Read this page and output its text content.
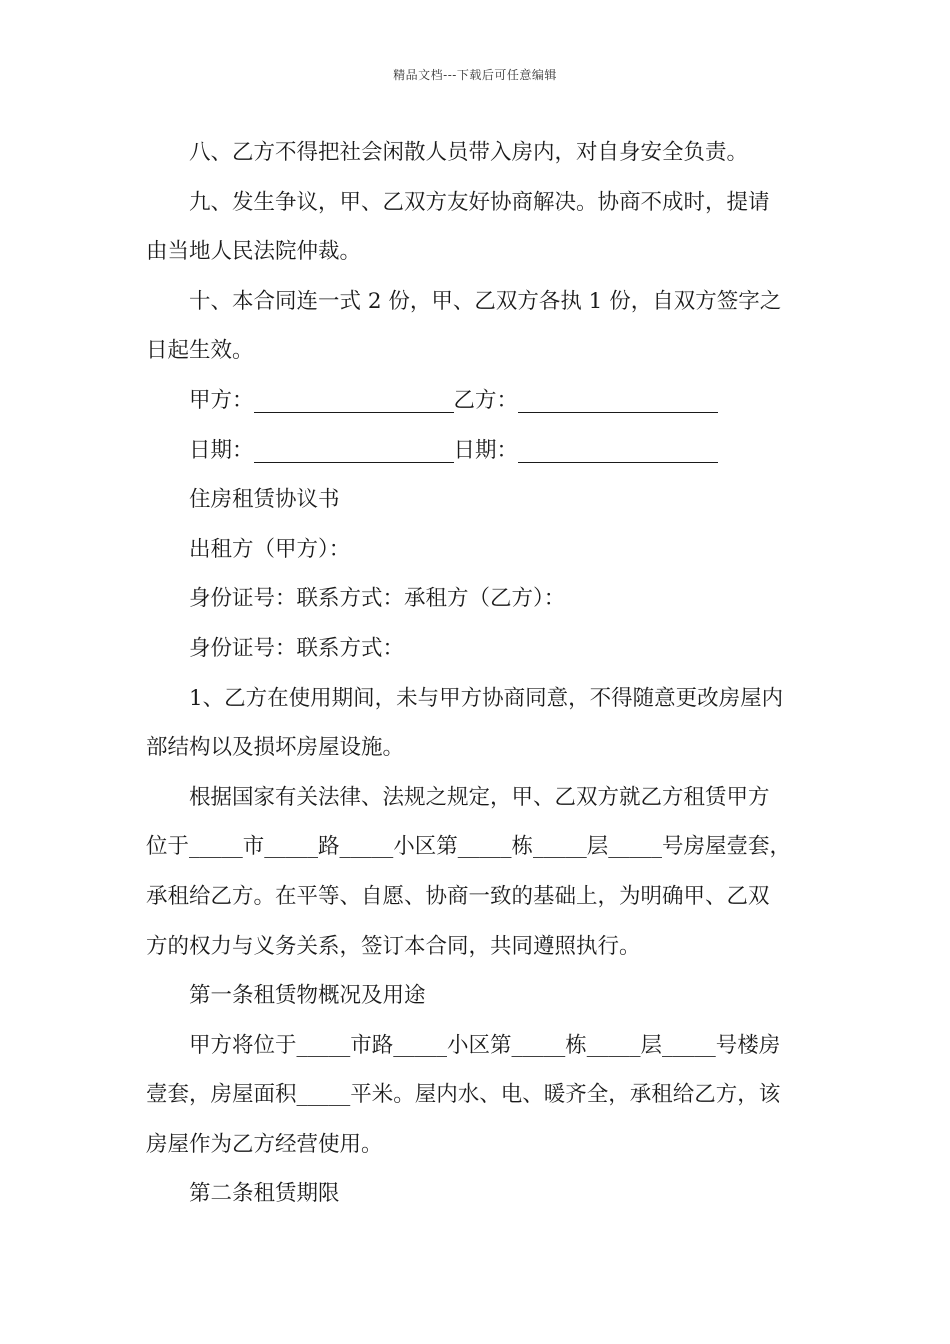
精品文档---下载后可任意编辑

八、乙方不得把社会闲散人员带入房内，对自身安全负责。

九、发生争议，甲、乙双方友好协商解决。协商不成时，提请

由当地人民法院仲裁。

十、本合同连一式 2 份，甲、乙双方各执 1 份，自双方签字之

日起生效。

甲方：	乙方：

日期：	日期：

住房租赁协议书

出租方（甲方）：

身份证号：联系方式：承租方（乙方）：

身份证号：联系方式：

1、乙方在使用期间，未与甲方协商同意，不得随意更改房屋内

部结构以及损坏房屋设施。

根据国家有关法律、法规之规定，甲、乙双方就乙方租赁甲方

位于_____市_____路_____小区第_____栋_____层_____号房屋壹套，

承租给乙方。在平等、自愿、协商一致的基础上，为明确甲、乙双

方的权力与义务关系，签订本合同，共同遵照执行。

第一条租赁物概况及用途

甲方将位于_____市路_____小区第_____栋_____层_____号楼房

壹套，房屋面积_____平米。屋内水、电、暖齐全，承租给乙方，该

房屋作为乙方经营使用。

第二条租赁期限
